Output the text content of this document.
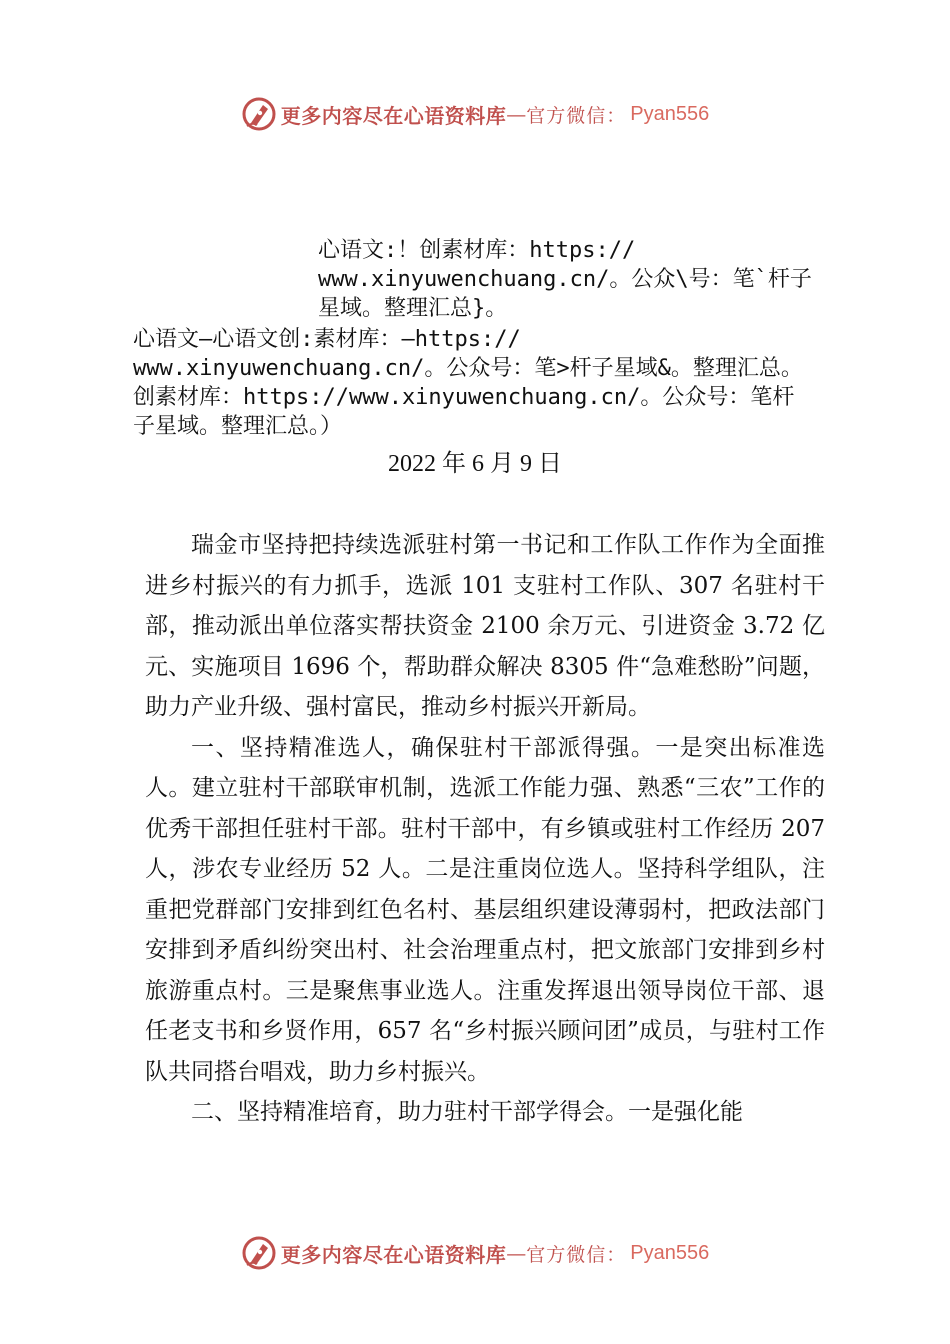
更多内容尽在心语资料库 — 官方微信： Pyan556
心语文:！创素材库：https://
www.xinyuwenchuang.cn/。公众\号：笔`杆子
星域。整理汇总}。
心语文—心语文创:素材库：—https://
www.xinyuwenchuang.cn/。公众号：笔>杆子星域&。整理汇总。
创素材库：https://www.xinyuwenchuang.cn/。公众号：笔杆
子星域。整理汇总。）
2022 年 6 月 9 日

瑞金市坚持把持续选派驻村第一书记和工作队工作作为全面推进乡村振兴的有力抓手，选派 101 支驻村工作队、307 名驻村干部，推动派出单位落实帮扶资金 2100 余万元、引进资金 3.72 亿元、实施项目 1696 个，帮助群众解决 8305 件“急难愁盼”问题，助力产业升级、强村富民，推动乡村振兴开新局。

一、坚持精准选人，确保驻村干部派得强。一是突出标准选人。建立驻村干部联审机制，选派工作能力强、熟悉“三农”工作的优秀干部担任驻村干部。驻村干部中，有乡镇或驻村工作经历 207 人，涉农专业经历 52 人。二是注重岗位选人。坚持科学组队，注重把党群部门安排到红色名村、基层组织建设薄弱村，把政法部门安排到矛盾纠纷突出村、社会治理重点村，把文旅部门安排到乡村旅游重点村。三是聚焦事业选人。注重发挥退出领导岗位干部、退任老支书和乡贤作用，657 名“乡村振兴顾问团”成员，与驻村工作队共同搭台唱戏，助力乡村振兴。

二、坚持精准培育，助力驻村干部学得会。一是强化能

更多内容尽在心语资料库 — 官方微信： Pyan556
